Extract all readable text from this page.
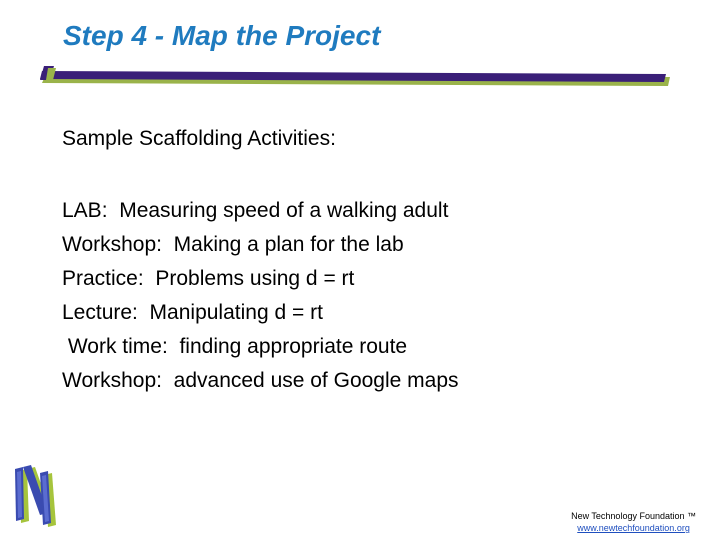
Step 4 - Map the Project
Sample Scaffolding Activities:
LAB:  Measuring speed of a walking adult
Workshop:  Making a plan for the lab
Practice:  Problems using d = rt
Lecture:  Manipulating d = rt
Work time:  finding appropriate route
Workshop:  advanced use of Google maps
New Technology Foundation ™
www.newtechfoundation.org
